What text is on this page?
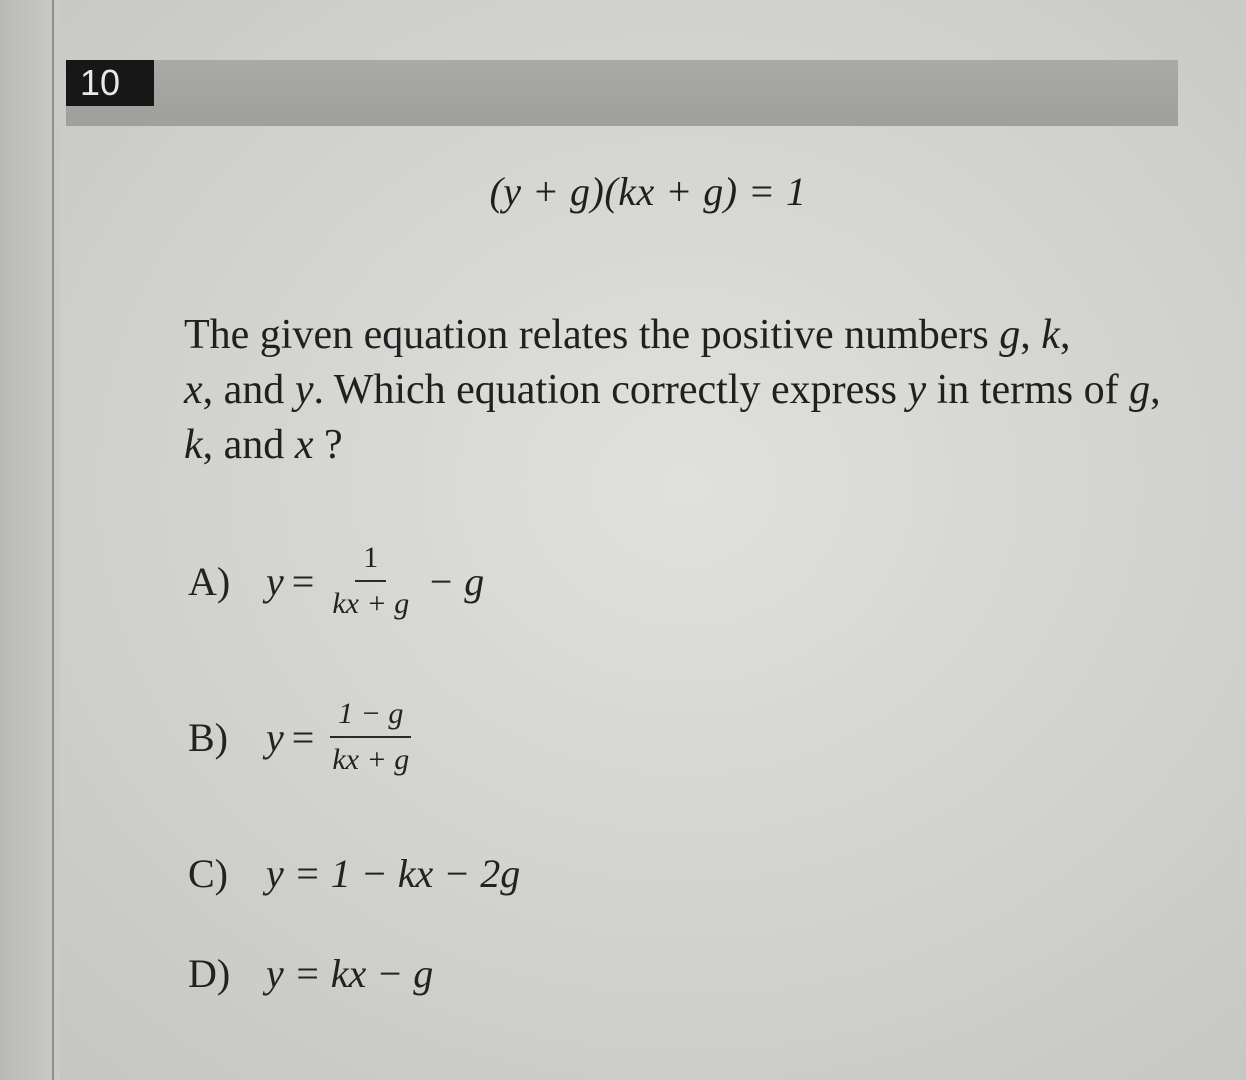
10
(y + g)(kx + g) = 1
The given equation relates the positive numbers g, k,
x, and y. Which equation correctly express y in terms of g, k, and x ?
A) $y = \frac{1}{kx + g} - g$
B) $y = \frac{1 - g}{kx + g}$
C) y = 1 − kx − 2g
D) y = kx − g
